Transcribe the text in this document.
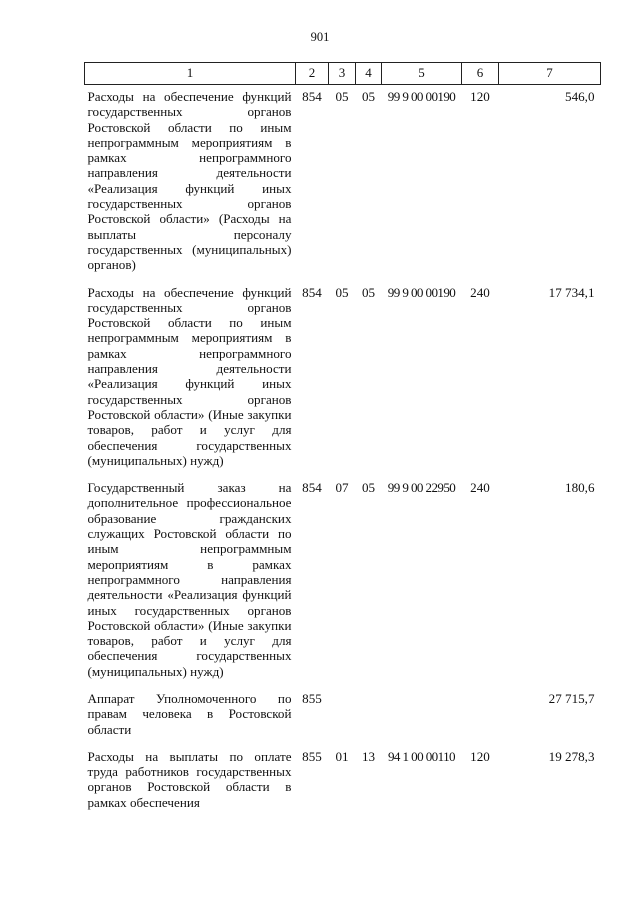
901
1	2	3	4	5	6	7
Расходы на обеспечение функций государственных органов Ростовской области по иным непрограммным мероприятиям в рамках непрограммного направления деятельности «Реализация функций иных государственных органов Ростовской области» (Расходы на выплаты персоналу государственных (муниципальных) органов)	854	05	05	99 9 00 00190	120	546,0
Расходы на обеспечение функций государственных органов Ростовской области по иным непрограммным мероприятиям в рамках непрограммного направления деятельности «Реализация функций иных государственных органов Ростовской области» (Иные закупки товаров, работ и услуг для обеспечения государственных (муниципальных) нужд)	854	05	05	99 9 00 00190	240	17 734,1
Государственный заказ на дополнительное профессиональное образование гражданских служащих Ростовской области по иным непрограммным мероприятиям в рамках непрограммного направления деятельности «Реализация функций иных государственных органов Ростовской области» (Иные закупки товаров, работ и услуг для обеспечения государственных (муниципальных) нужд)	854	07	05	99 9 00 22950	240	180,6
Аппарат Уполномоченного по правам человека в Ростовской области	855					27 715,7
Расходы на выплаты по оплате труда работников государственных органов Ростовской области в рамках обеспечения	855	01	13	94 1 00 00110	120	19 278,3
